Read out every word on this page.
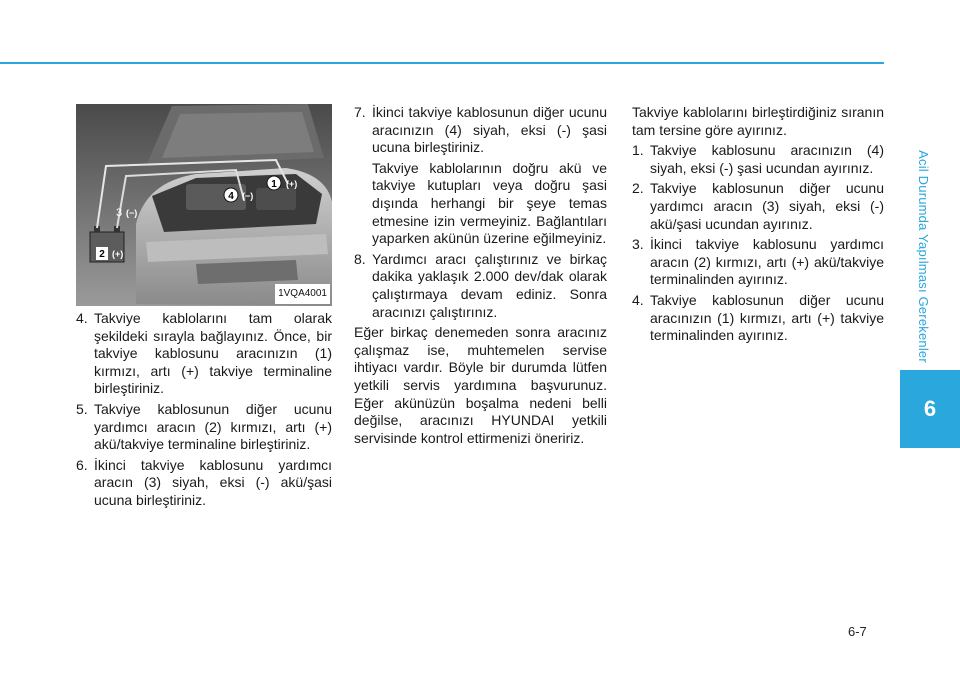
Acil Durumda Yapılması Gerekenler
6
1 (+)
4 (−)
3 (−)
2 (+)
1VQA4001
4. Takviye kablolarını tam olarak şekildeki sırayla bağlayınız. Önce, bir takviye kablosunu aracınızın (1) kırmızı, artı (+) takviye terminaline birleştiriniz.
5. Takviye kablosunun diğer ucunu yardımcı aracın (2) kırmızı, artı (+) akü/takviye terminaline birleştiriniz.
6. İkinci takviye kablosunu yardımcı aracın (3) siyah, eksi (-) akü/şasi ucuna birleştiriniz.
7. İkinci takviye kablosunun diğer ucunu aracınızın (4) siyah, eksi (-) şasi ucuna birleştiriniz.
Takviye kablolarının doğru akü ve takviye kutupları veya doğru şasi dışında herhangi bir şeye temas etmesine izin vermeyiniz. Bağlantıları yaparken akünün üzerine eğilmeyiniz.
8. Yardımcı aracı çalıştırınız ve birkaç dakika yaklaşık 2.000 dev/dak olarak çalıştırmaya devam ediniz. Sonra aracınızı çalıştırınız.

Eğer birkaç denemeden sonra aracınız çalışmaz ise, muhtemelen servise ihtiyacı vardır. Böyle bir durumda lütfen yetkili servis yardımına başvurunuz. Eğer akünüzün boşalma nedeni belli değilse, aracınızı HYUNDAI yetkili servisinde kontrol ettirmenizi öneririz.

Takviye kablolarını birleştirdiğiniz sıranın tam tersine göre ayırınız.

1. Takviye kablosunu aracınızın (4) siyah, eksi (-) şasi ucundan ayırınız.
2. Takviye kablosunun diğer ucunu yardımcı aracın (3) siyah, eksi (-) akü/şasi ucundan ayırınız.
3. İkinci takviye kablosunu yardımcı aracın (2) kırmızı, artı (+) akü/takviye terminalinden ayırınız.
4. Takviye kablosunun diğer ucunu aracınızın (1) kırmızı, artı (+) takviye terminalinden ayırınız.
6-7
